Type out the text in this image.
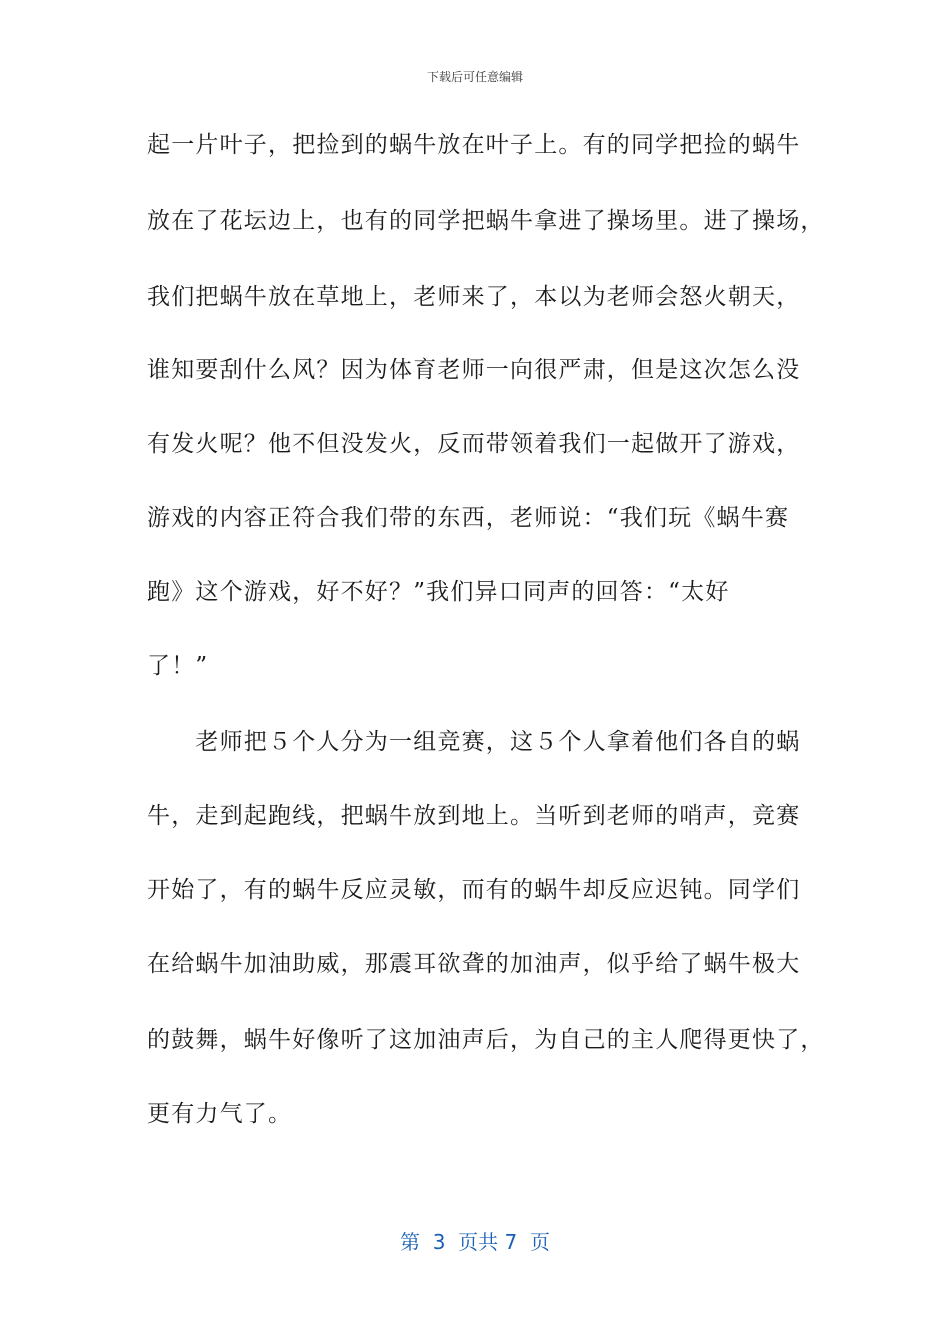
下载后可任意编辑
起一片叶子，把捡到的蜗牛放在叶子上。有的同学把捡的蜗牛
放在了花坛边上，也有的同学把蜗牛拿进了操场里。进了操场，
我们把蜗牛放在草地上，老师来了，本以为老师会怒火朝天，
谁知要刮什么风？因为体育老师一向很严肃，但是这次怎么没
有发火呢？他不但没发火，反而带领着我们一起做开了游戏，
游戏的内容正符合我们带的东西，老师说：“我们玩《蜗牛赛
跑》这个游戏，好不好？”我们异口同声的回答：“太好
了！”
　　老师把５个人分为一组竞赛，这５个人拿着他们各自的蜗
牛，走到起跑线，把蜗牛放到地上。当听到老师的哨声，竞赛
开始了，有的蜗牛反应灵敏，而有的蜗牛却反应迟钝。同学们
在给蜗牛加油助威，那震耳欲聋的加油声，似乎给了蜗牛极大
的鼓舞，蜗牛好像听了这加油声后，为自己的主人爬得更快了，
更有力气了。
第  3  页共 7  页
